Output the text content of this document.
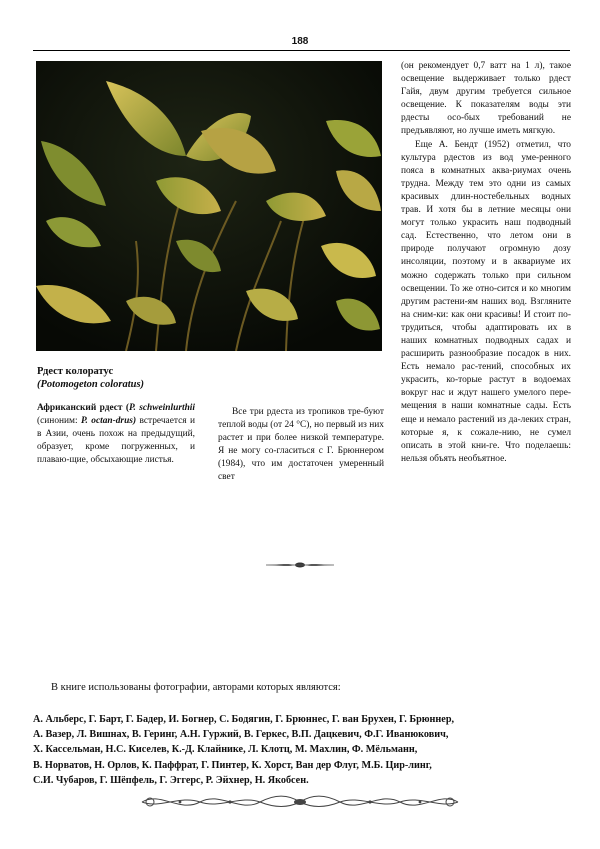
188
Рдест колоратус
(Potomogeton coloratus)

Африканский рдест (P. schweinlurthii (синоним: P. octan-drus) встречается и в Азии, очень похож на предыдущий, образует, кроме погруженных, и плаваю-щие, обсыхающие листья.

Все три рдеста из тропиков тре-буют теплой воды (от 24 °С), но первый из них растет и при более низкой температуре. Я не могу со-гласиться с Г. Брюннером (1984), что им достаточен умеренный свет

(он рекомендует 0,7 ватт на 1 л), такое освещение выдерживает только рдест Гайя, двум другим требуется сильное освещение. К показателям воды эти рдесты осо-бых требований не предъявляют, но лучше иметь мягкую.

Еще А. Бендт (1952) отметил, что культура рдестов из вод уме-ренного пояса в комнатных аква-риумах очень трудна. Между тем это одни из самых красивых длин-ностебельных водных трав. И хотя бы в летние месяцы они могут только украсить наш подводный сад. Естественно, что летом они в природе получают огромную дозу инсоляции, поэтому и в аквариуме их можно содержать только при сильном освещении. То же отно-сится и ко многим другим растени-ям наших вод. Взгляните на сним-ки: как они красивы! И стоит по-трудиться, чтобы адаптировать их в наших комнатных подводных садах и расширить разнообразие посадок в них. Есть немало рас-тений, способных их украсить, ко-торые растут в водоемах вокруг нас и ждут нашего умелого пере-мещения в наши комнатные сады. Есть еще и немало растений из да-леких стран, которые я, к сожале-нию, не сумел описать в этой кни-ге. Что поделаешь: нельзя объять необъятное.

В книге использованы фотографии, авторами которых являются:
А. Альберс, Г. Барт, Г. Бадер, И. Богнер, С. Бодягин, Г. Брюннес, Г. ван Брухен, Г. Брюннер,
А. Вазер, Л. Вишнах, В. Геринг, А.Н. Гуржий, В. Геркес, В.П. Дацкевич, Ф.Г. Иванюкович,
Х. Кассельман, Н.С. Киселев, К.-Д. Клайнике, Л. Клотц, М. Махлин, Ф. Мёльманн,
В. Норватов, Н. Орлов, К. Паффрат, Г. Пинтер, К. Хорст, Ван дер Флуг, М.Б. Цир-линг,
С.И. Чубаров, Г. Шёпфель, Г. Эггерс, Р. Эйхнер, Н. Якобсен.
